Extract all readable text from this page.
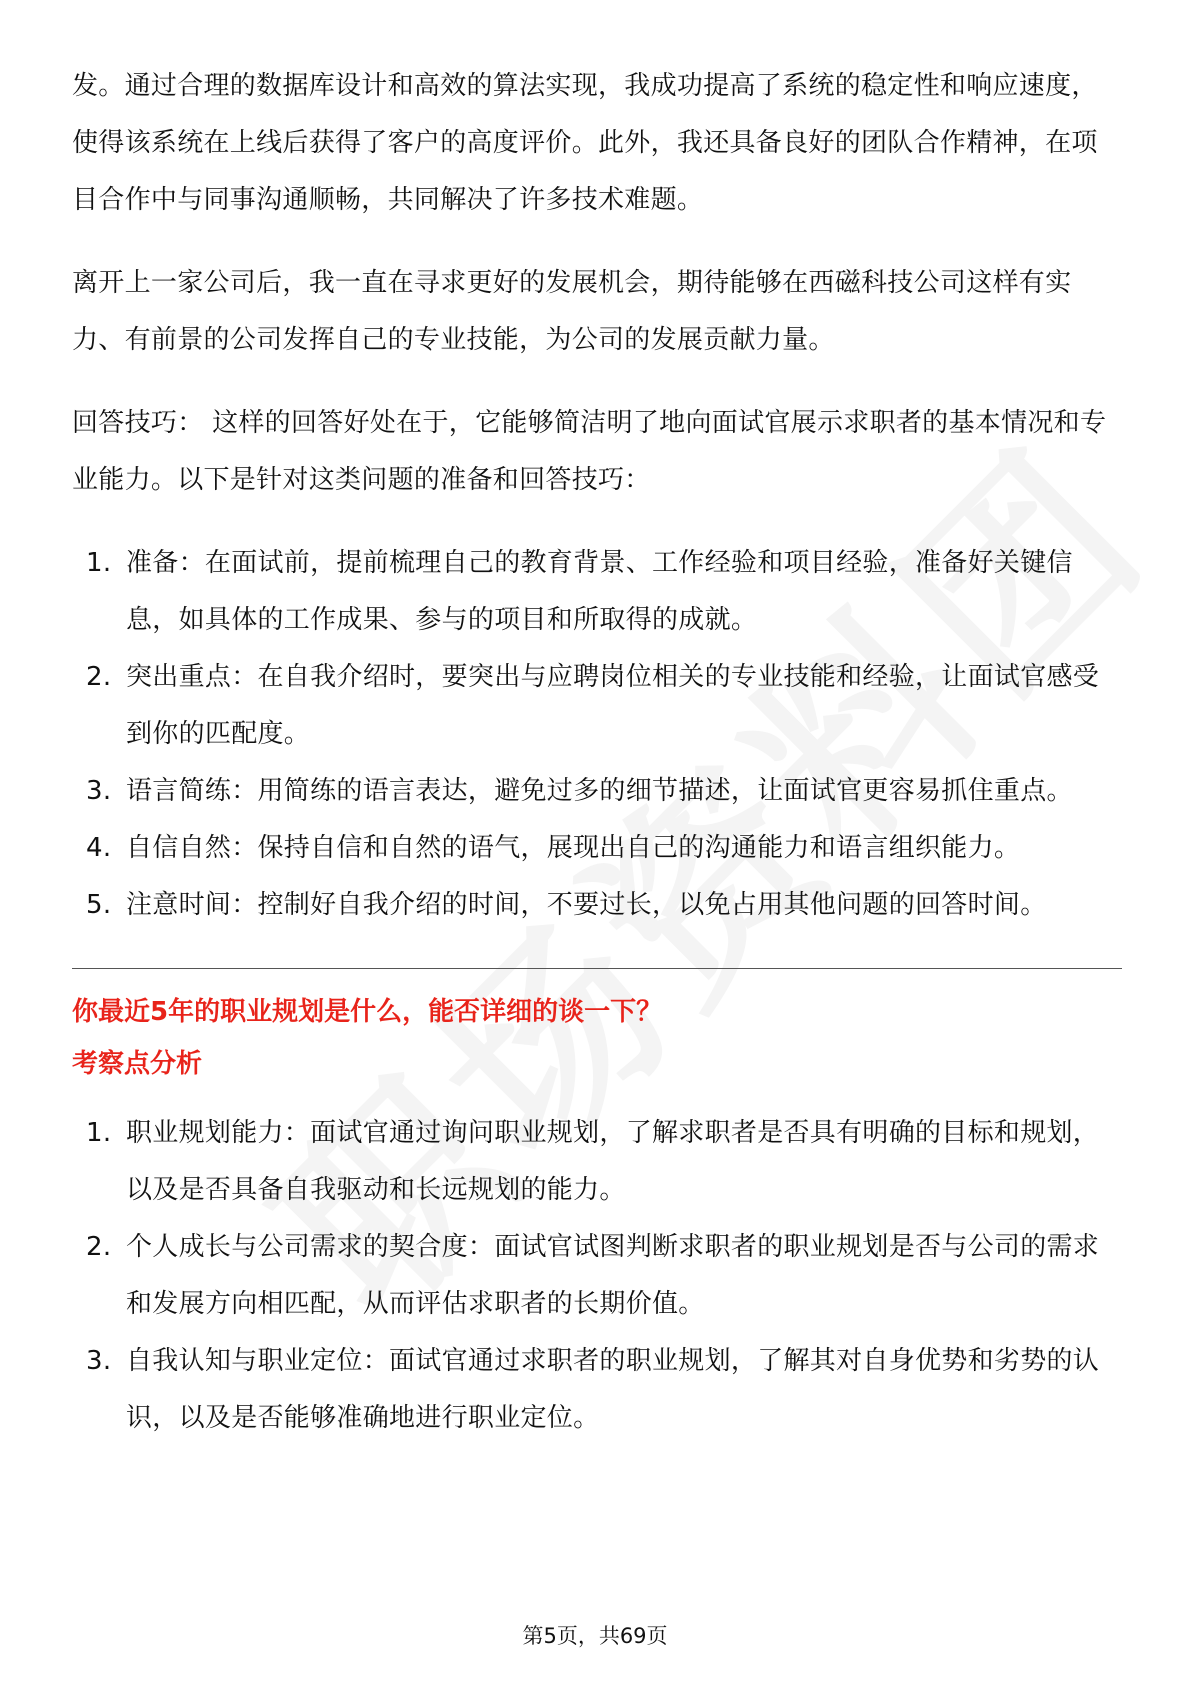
发。通过合理的数据库设计和高效的算法实现，我成功提高了系统的稳定性和响应速度，使得该系统在上线后获得了客户的高度评价。此外，我还具备良好的团队合作精神，在项目合作中与同事沟通顺畅，共同解决了许多技术难题。

离开上一家公司后，我一直在寻求更好的发展机会，期待能够在西磁科技公司这样有实力、有前景的公司发挥自己的专业技能，为公司的发展贡献力量。

回答技巧： 这样的回答好处在于，它能够简洁明了地向面试官展示求职者的基本情况和专业能力。以下是针对这类问题的准备和回答技巧：

1. 准备：在面试前，提前梳理自己的教育背景、工作经验和项目经验，准备好关键信息，如具体的工作成果、参与的项目和所取得的成就。
2. 突出重点：在自我介绍时，要突出与应聘岗位相关的专业技能和经验，让面试官感受到你的匹配度。
3. 语言简练：用简练的语言表达，避免过多的细节描述，让面试官更容易抓住重点。
4. 自信自然：保持自信和自然的语气，展现出自己的沟通能力和语言组织能力。
5. 注意时间：控制好自我介绍的时间，不要过长，以免占用其他问题的回答时间。
你最近5年的职业规划是什么，能否详细的谈一下？
考察点分析
1. 职业规划能力：面试官通过询问职业规划，了解求职者是否具有明确的目标和规划，以及是否具备自我驱动和长远规划的能力。
2. 个人成长与公司需求的契合度：面试官试图判断求职者的职业规划是否与公司的需求和发展方向相匹配，从而评估求职者的长期价值。
3. 自我认知与职业定位：面试官通过求职者的职业规划，了解其对自身优势和劣势的认识，以及是否能够准确地进行职业定位。
第5页，共69页
